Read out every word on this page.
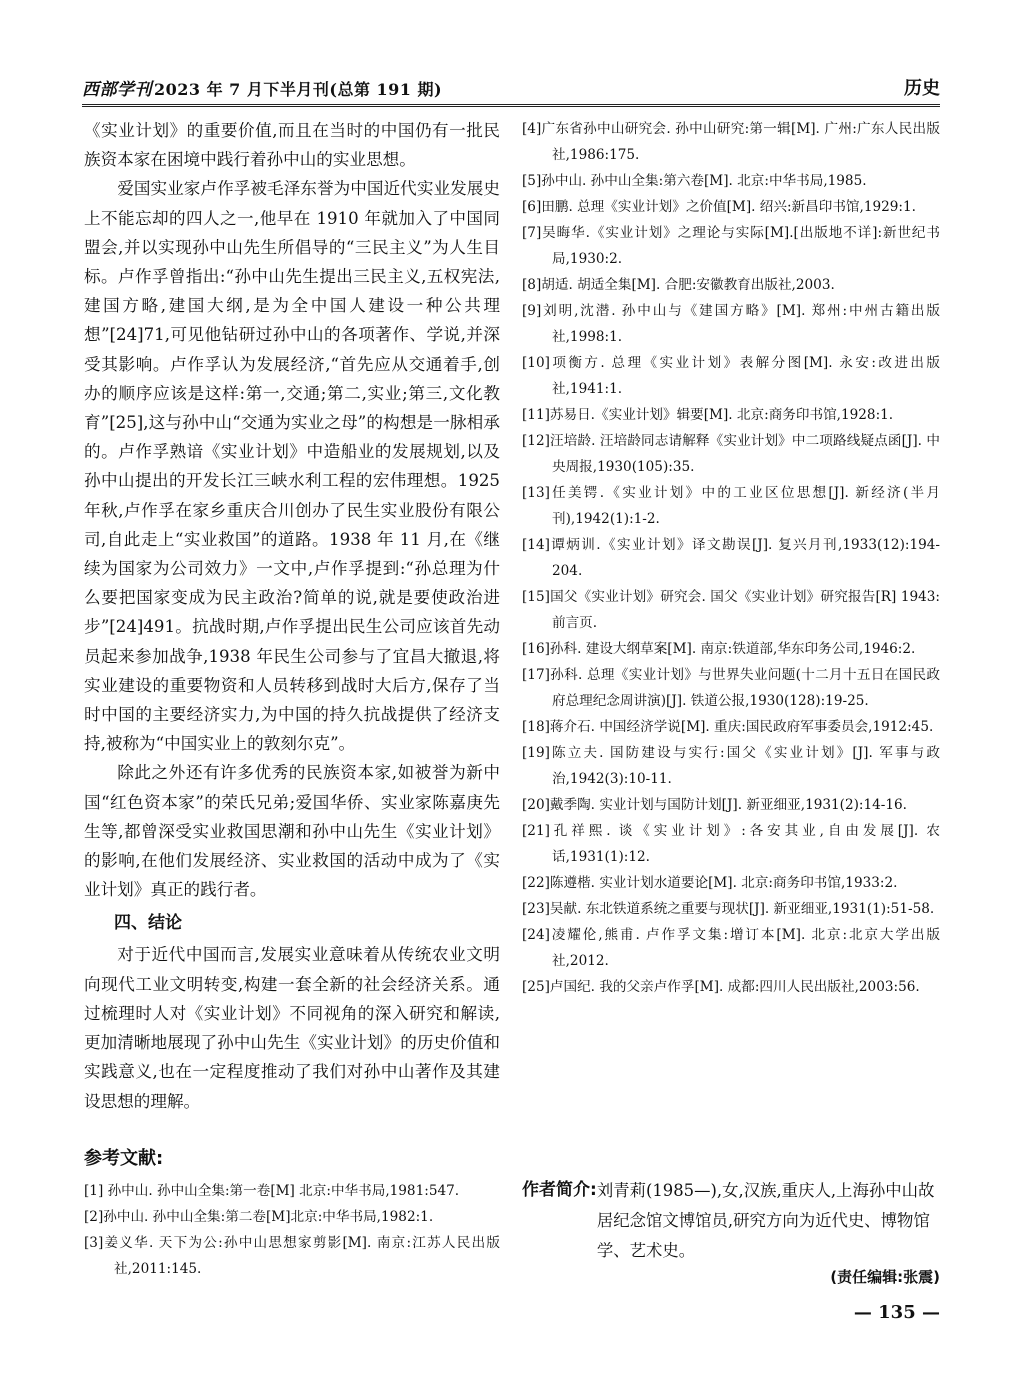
西部学刊 2023 年 7 月下半月刊(总第 191 期)	历史

《实业计划》的重要价值,而且在当时的中国仍有一批民族资本家在困境中践行着孙中山的实业思想。

爱国实业家卢作孚被毛泽东誉为中国近代实业发展史上不能忘却的四人之一,他早在 1910 年就加入了中国同盟会,并以实现孙中山先生所倡导的“三民主义”为人生目标。卢作孚曾指出:“孙中山先生提出三民主义,五权宪法,建国方略,建国大纲,是为全中国人建设一种公共理想”[24]71,可见他钻研过孙中山的各项著作、学说,并深受其影响。卢作孚认为发展经济,“首先应从交通着手,创办的顺序应该是这样:第一,交通;第二,实业;第三,文化教育”[25],这与孙中山“交通为实业之母”的构想是一脉相承的。卢作孚熟谙《实业计划》中造船业的发展规划,以及孙中山提出的开发长江三峡水利工程的宏伟理想。1925 年秋,卢作孚在家乡重庆合川创办了民生实业股份有限公司,自此走上“实业救国”的道路。1938 年 11 月,在《继续为国家为公司效力》一文中,卢作孚提到:“孙总理为什么要把国家变成为民主政治?简单的说,就是要使政治进步”[24]491。抗战时期,卢作孚提出民生公司应该首先动员起来参加战争,1938 年民生公司参与了宜昌大撤退,将实业建设的重要物资和人员转移到战时大后方,保存了当时中国的主要经济实力,为中国的持久抗战提供了经济支持,被称为“中国实业上的敦刻尔克”。

除此之外还有许多优秀的民族资本家,如被誉为新中国“红色资本家”的荣氏兄弟;爱国华侨、实业家陈嘉庚先生等,都曾深受实业救国思潮和孙中山先生《实业计划》的影响,在他们发展经济、实业救国的活动中成为了《实业计划》真正的践行者。

四、结论

对于近代中国而言,发展实业意味着从传统农业文明向现代工业文明转变,构建一套全新的社会经济关系。通过梳理时人对《实业计划》不同视角的深入研究和解读,更加清晰地展现了孙中山先生《实业计划》的历史价值和实践意义,也在一定程度推动了我们对孙中山著作及其建设思想的理解。

参考文献:

[1] 孙中山. 孙中山全集:第一卷[M] 北京:中华书局,1981:547.

[2]孙中山. 孙中山全集:第二卷[M]北京:中华书局,1982:1.

[3]姜义华. 天下为公:孙中山思想家剪影[M]. 南京:江苏人民出版社,2011:145.

[4]广东省孙中山研究会. 孙中山研究:第一辑[M]. 广州:广东人民出版社,1986:175.

[5]孙中山. 孙中山全集:第六卷[M]. 北京:中华书局,1985.

[6]田鹏. 总理《实业计划》之价值[M]. 绍兴:新昌印书馆,1929:1.

[7]吴晦华.《实业计划》之理论与实际[M].[出版地不详]:新世纪书局,1930:2.

[8]胡适. 胡适全集[M]. 合肥:安徽教育出版社,2003.

[9]刘明,沈潜. 孙中山与《建国方略》[M]. 郑州:中州古籍出版社,1998:1.

[10]项衡方. 总理《实业计划》表解分图[M]. 永安:改进出版社,1941:1.

[11]苏易日.《实业计划》辑要[M]. 北京:商务印书馆,1928:1.

[12]汪培龄. 汪培龄同志请解释《实业计划》中二项路线疑点函[J]. 中央周报,1930(105):35.

[13]任美锷.《实业计划》中的工业区位思想[J]. 新经济(半月刊),1942(1):1-2.

[14]谭炳训.《实业计划》译文勘误[J]. 复兴月刊,1933(12):194-204.

[15]国父《实业计划》研究会. 国父《实业计划》研究报告[R] 1943:前言页.

[16]孙科. 建设大纲草案[M]. 南京:铁道部,华东印务公司,1946:2.

[17]孙科. 总理《实业计划》与世界失业问题(十二月十五日在国民政府总理纪念周讲演)[J]. 铁道公报,1930(128):19-25.

[18]蒋介石. 中国经济学说[M]. 重庆:国民政府军事委员会,1912:45.

[19]陈立夫. 国防建设与实行:国父《实业计划》[J]. 军事与政治,1942(3):10-11.

[20]戴季陶. 实业计划与国防计划[J]. 新亚细亚,1931(2):14-16.

[21]孔祥熙. 谈《实业计划》:各安其业,自由发展[J]. 农话,1931(1):12.

[22]陈遵楷. 实业计划水道要论[M]. 北京:商务印书馆,1933:2.

[23]吴献. 东北铁道系统之重要与现状[J]. 新亚细亚,1931(1):51-58.

[24]凌耀伦,熊甫. 卢作孚文集:增订本[M]. 北京:北京大学出版社,2012.

[25]卢国纪. 我的父亲卢作孚[M]. 成都:四川人民出版社,2003:56.

作者简介: 刘青莉(1985—),女,汉族,重庆人,上海孙中山故居纪念馆文博馆员,研究方向为近代史、博物馆学、艺术史。
(责任编辑:张震)
— 135 —
